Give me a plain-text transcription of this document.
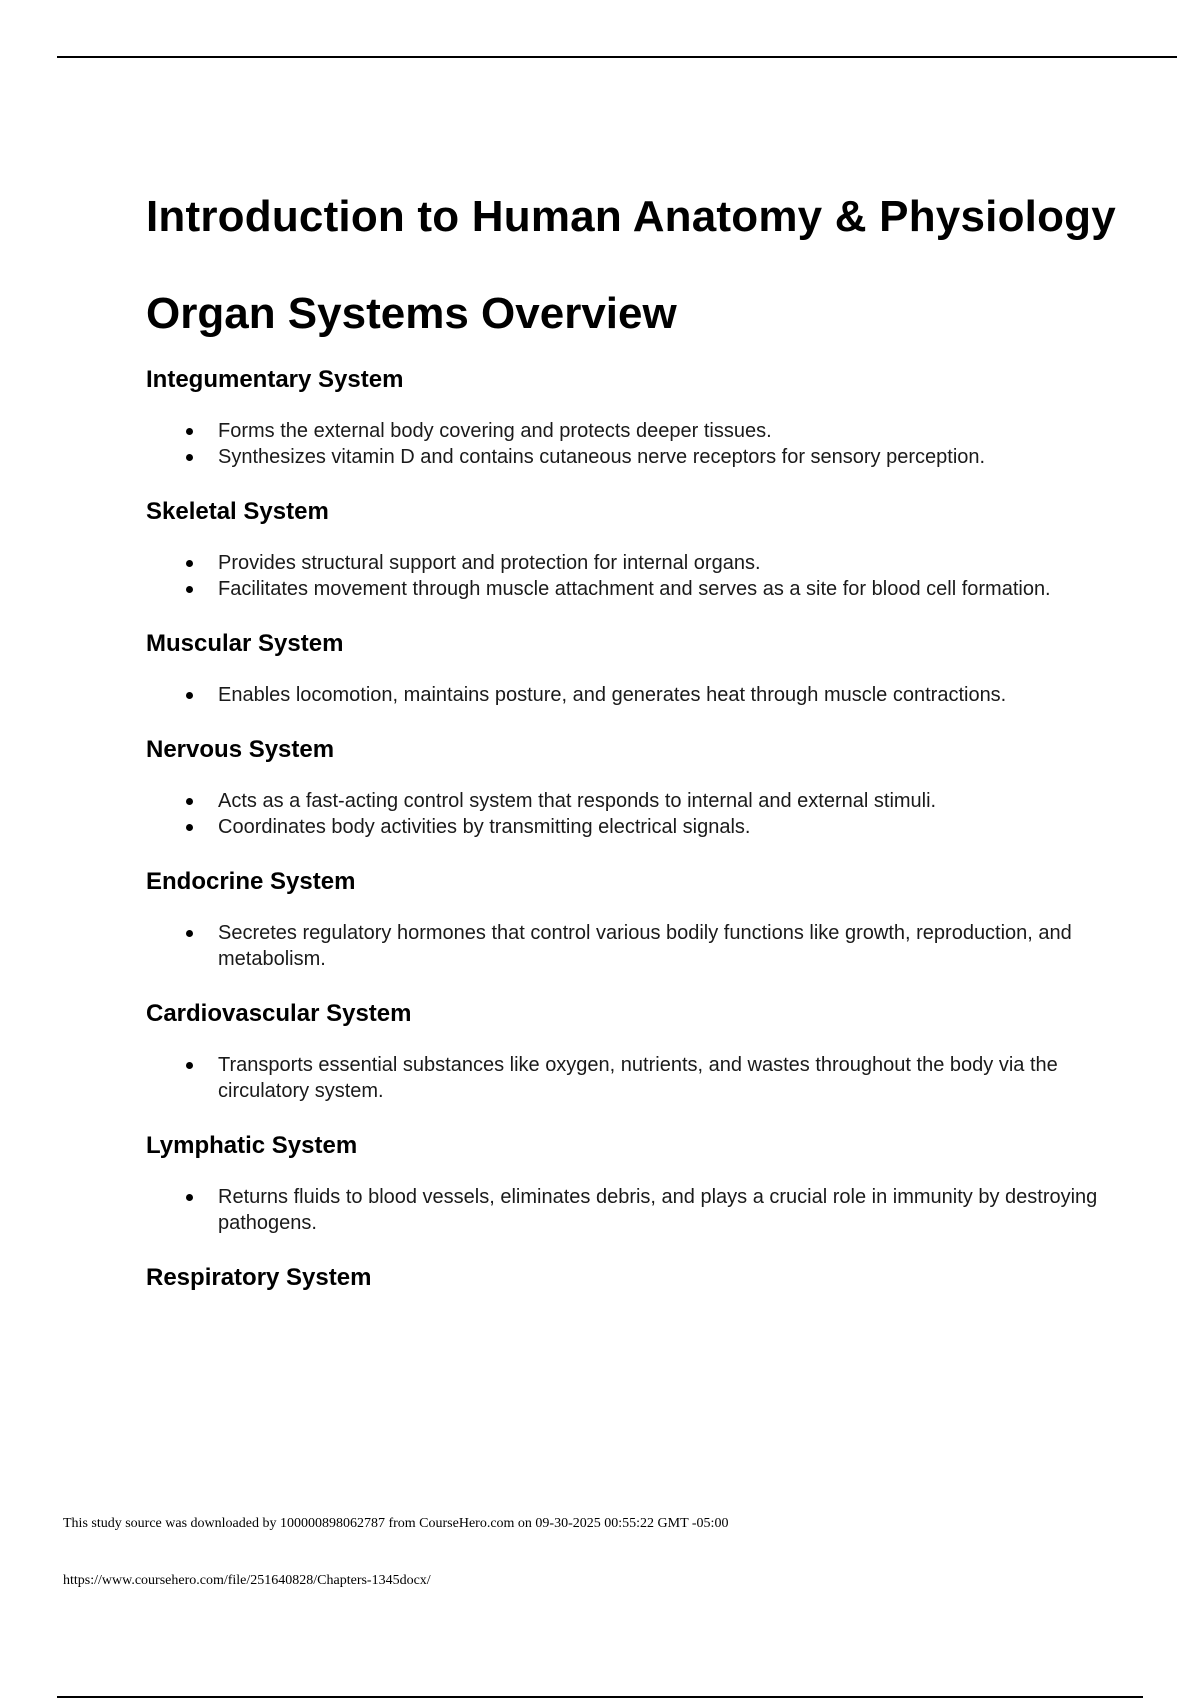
Introduction to Human Anatomy & Physiology
Organ Systems Overview
Integumentary System
Forms the external body covering and protects deeper tissues.
Synthesizes vitamin D and contains cutaneous nerve receptors for sensory perception.
Skeletal System
Provides structural support and protection for internal organs.
Facilitates movement through muscle attachment and serves as a site for blood cell formation.
Muscular System
Enables locomotion, maintains posture, and generates heat through muscle contractions.
Nervous System
Acts as a fast-acting control system that responds to internal and external stimuli.
Coordinates body activities by transmitting electrical signals.
Endocrine System
Secretes regulatory hormones that control various bodily functions like growth, reproduction, and metabolism.
Cardiovascular System
Transports essential substances like oxygen, nutrients, and wastes throughout the body via the circulatory system.
Lymphatic System
Returns fluids to blood vessels, eliminates debris, and plays a crucial role in immunity by destroying pathogens.
Respiratory System
This study source was downloaded by 100000898062787 from CourseHero.com on 09-30-2025 00:55:22 GMT -05:00
https://www.coursehero.com/file/251640828/Chapters-1345docx/
